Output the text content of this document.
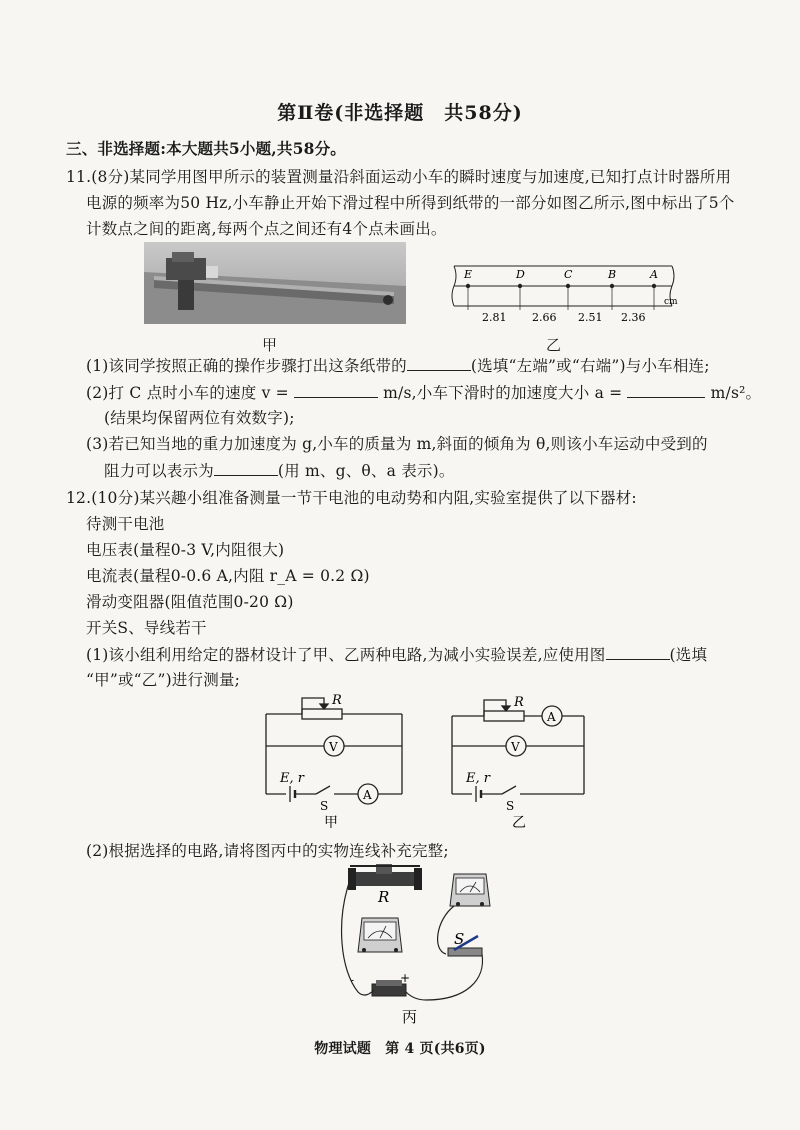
第Ⅱ卷(非选择题　共58分)
三、非选择题:本大题共5小题,共58分。
11.(8分)某同学用图甲所示的装置测量沿斜面运动小车的瞬时速度与加速度,已知打点计时器所用
电源的频率为50 Hz,小车静止开始下滑过程中所得到纸带的一部分如图乙所示,图中标出了5个
计数点之间的距离,每两个点之间还有4个点未画出。
甲
E	D	C	B	A
2.81 2.66 2.51 2.36
cm
乙
(1)该同学按照正确的操作步骤打出这条纸带的	(选填“左端”或“右端”)与小车相连;
(2)打 C 点时小车的速度 v =	m/s,小车下滑时的加速度大小 a =	m/s²。
(结果均保留两位有效数字);
(3)若已知当地的重力加速度为 g,小车的质量为 m,斜面的倾角为 θ,则该小车运动中受到的
阻力可以表示为	(用 m、g、θ、a 表示)。
12.(10分)某兴趣小组准备测量一节干电池的电动势和内阻,实验室提供了以下器材:
待测干电池
电压表(量程0-3 V,内阻很大)
电流表(量程0-0.6 A,内阻 r_A = 0.2 Ω)
滑动变阻器(阻值范围0-20 Ω)
开关S、导线若干
(1)该小组利用给定的器材设计了甲、乙两种电路,为减小实验误差,应使用图	(选填
“甲”或“乙”)进行测量;
R
V
A
E, r
S
甲
R
A
V
E, r
S
乙
(2)根据选择的电路,请将图丙中的实物连线补充完整;
R
S
-	+
丙
物理试题　第 4 页(共6页)
